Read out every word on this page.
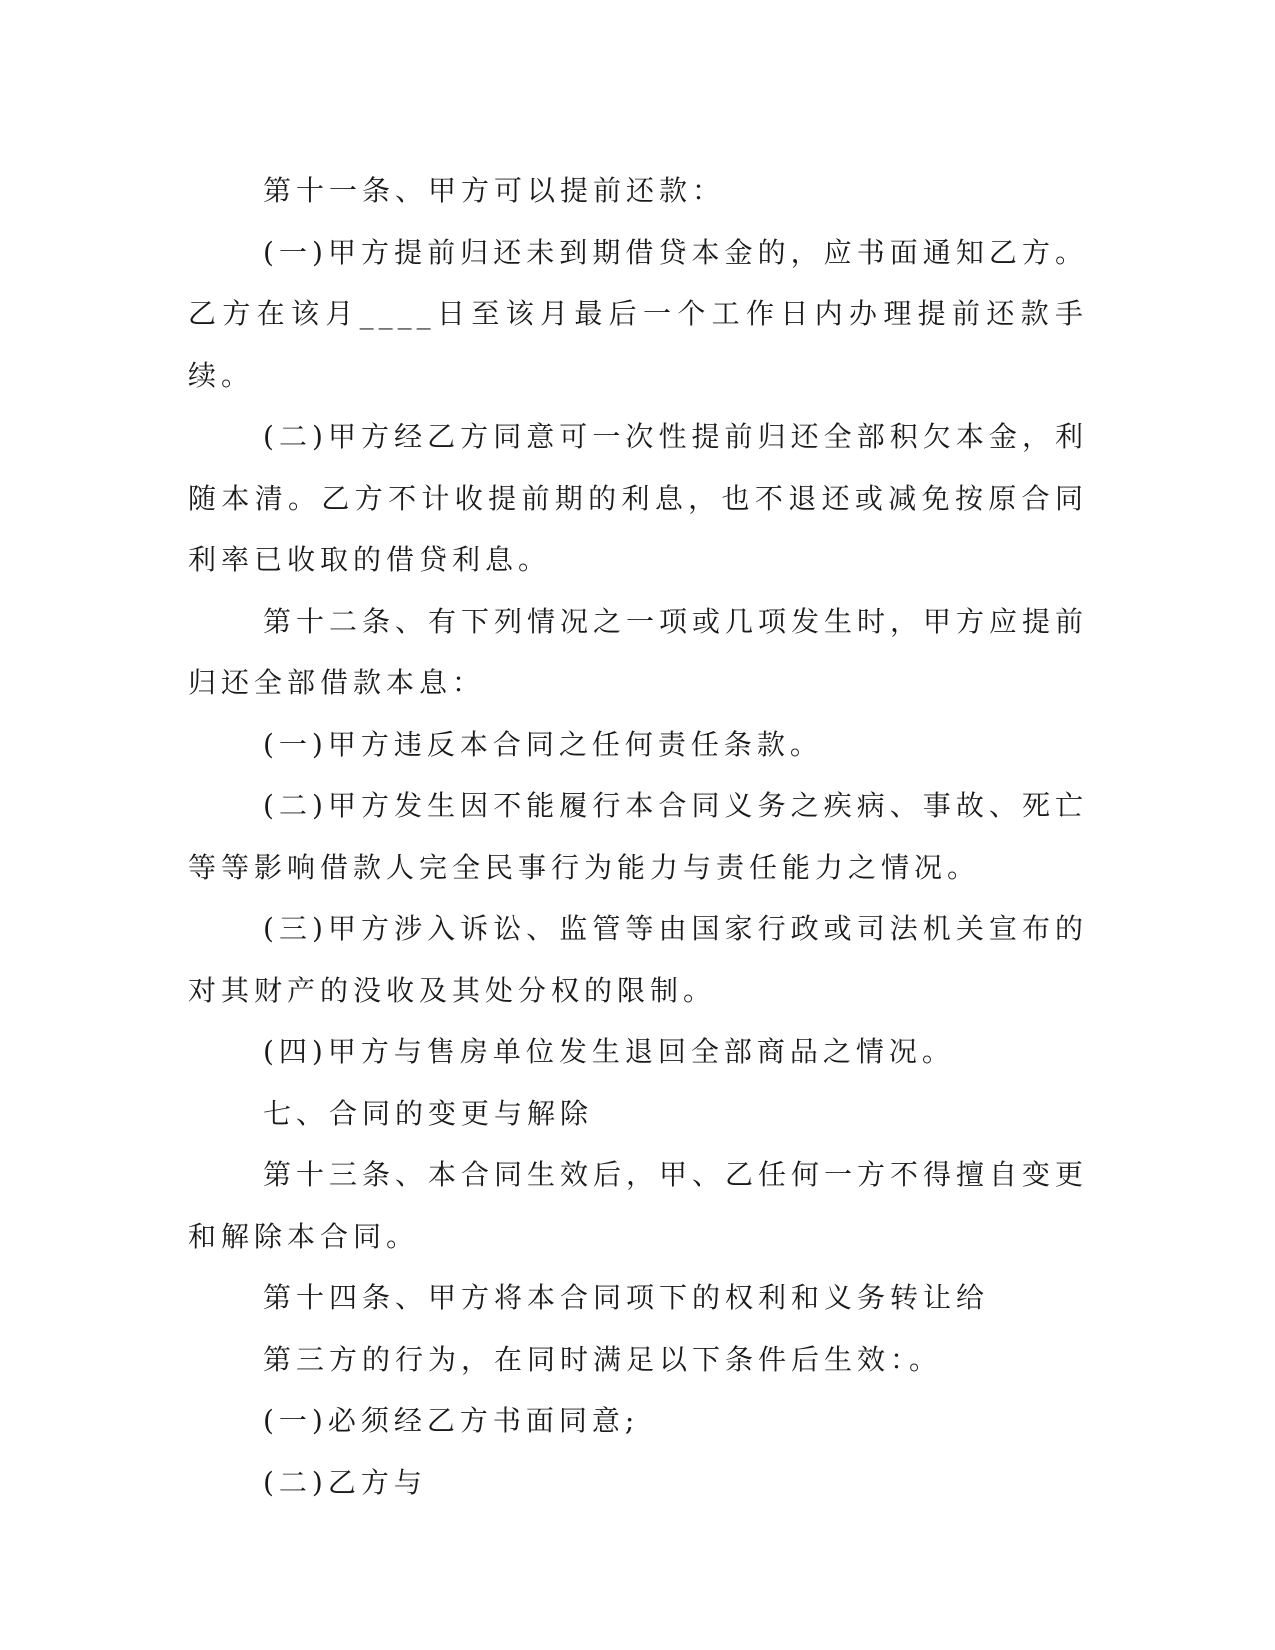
第十一条、甲方可以提前还款：

(一)甲方提前归还未到期借贷本金的，应书面通知乙方。乙方在该月____日至该月最后一个工作日内办理提前还款手续。

(二)甲方经乙方同意可一次性提前归还全部积欠本金，利随本清。乙方不计收提前期的利息，也不退还或减免按原合同利率已收取的借贷利息。

第十二条、有下列情况之一项或几项发生时，甲方应提前归还全部借款本息：

(一)甲方违反本合同之任何责任条款。

(二)甲方发生因不能履行本合同义务之疾病、事故、死亡等等影响借款人完全民事行为能力与责任能力之情况。

(三)甲方涉入诉讼、监管等由国家行政或司法机关宣布的对其财产的没收及其处分权的限制。

(四)甲方与售房单位发生退回全部商品之情况。

七、合同的变更与解除

第十三条、本合同生效后，甲、乙任何一方不得擅自变更和解除本合同。

第十四条、甲方将本合同项下的权利和义务转让给

第三方的行为，在同时满足以下条件后生效：。

(一)必须经乙方书面同意;

(二)乙方与
